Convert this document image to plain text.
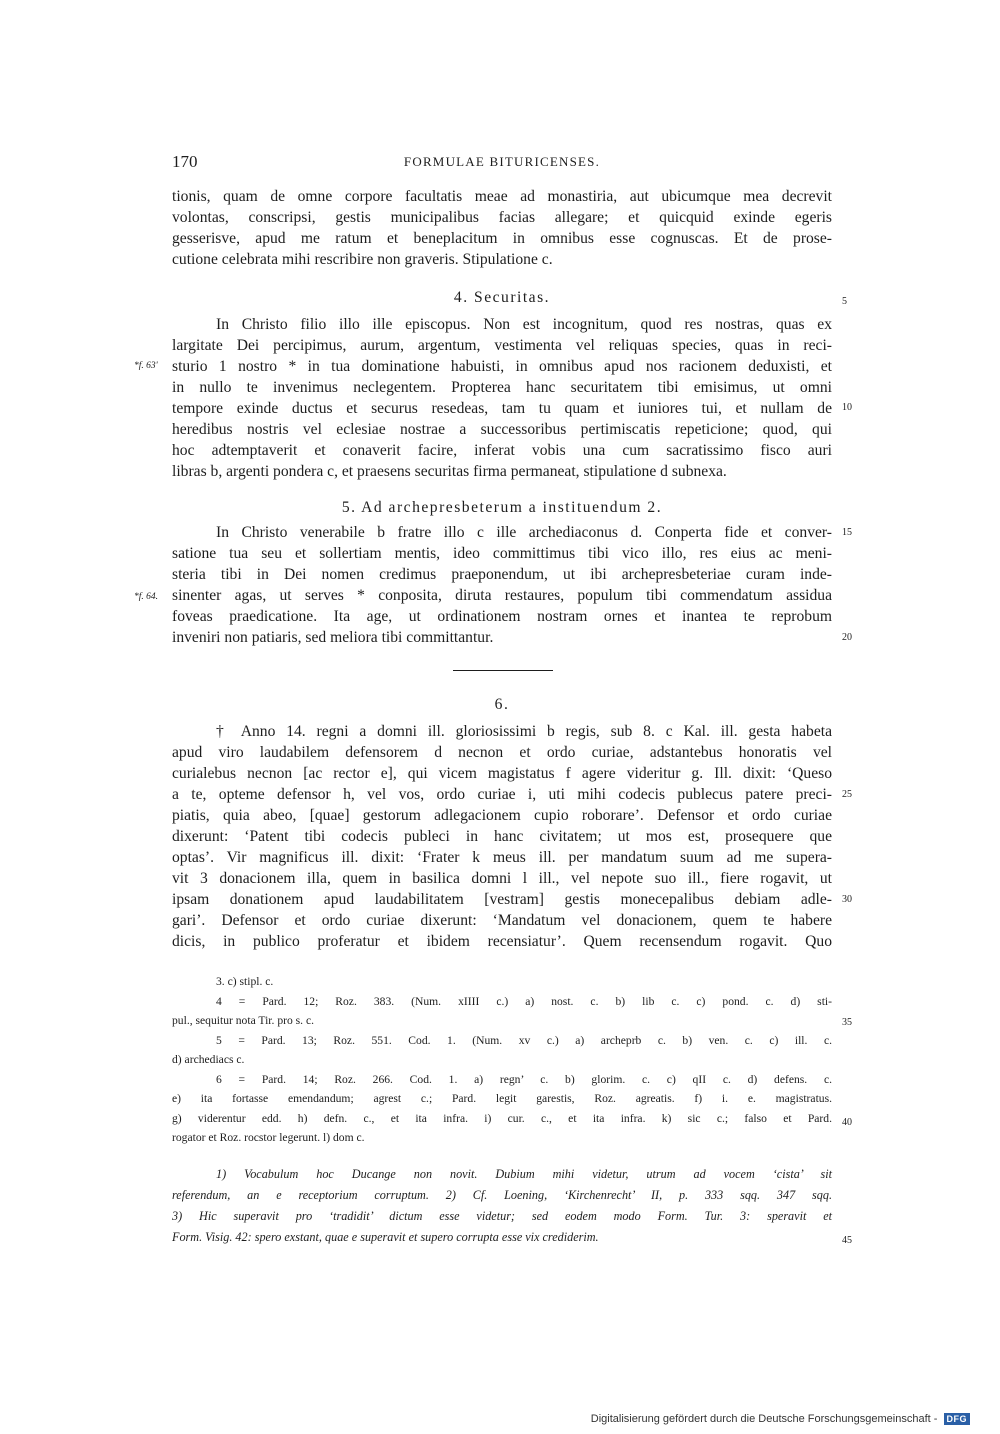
170	FORMULAE BITURICENSES.
tionis, quam de omne corpore facultatis meae ad monastiria, aut ubicumque mea decrevit
volontas, conscripsi, gestis municipalibus facias allegare; et quicquid exinde egeris
gesserisve, apud me ratum et beneplacitum in omnibus esse cognuscas. Et de prose-
cutione celebrata mihi rescribire non graveris. Stipulatione c.
4. Securitas.
In Christo filio illo ille episcopus. Non est incognitum, quod res nostras, quas ex
largitate Dei percipimus, aurum, argentum, vestimenta vel reliquas species, quas in reci-
sturio 1 nostro * in tua dominatione habuisti, in omnibus apud nos racionem deduxisti, et
in nullo te invenimus neclegentem. Propterea hanc securitatem tibi emisimus, ut omni
tempore exinde ductus et securus resedeas, tam tu quam et iuniores tui, et nullam de
heredibus nostris vel eclesiae nostrae a successoribus pertimiscatis repeticione; quod, qui
hoc adtemptaverit et conaverit facire, inferat vobis una cum sacratissimo fisco auri
libras b, argenti pondera c, et praesens securitas firma permaneat, stipulatione d subnexa.
5. Ad archepresbeterum a instituendum 2.
In Christo venerabile b fratre illo c ille archediaconus d. Conperta fide et conver-
satione tua seu et sollertiam mentis, ideo committimus tibi vico illo, res eius ac meni-
steria tibi in Dei nomen credimus praeponendum, ut ibi archepresbeteriae curam inde-
sinenter agas, ut serves * conposita, diruta restaures, populum tibi commendatum assidua
foveas praedicatione. Ita age, ut ordinationem nostram ornes et inantea te reprobum
inveniri non patiaris, sed meliora tibi committantur.
6.
† Anno 14. regni a domni ill. gloriosissimi b regis, sub 8. c Kal. ill. gesta habeta
apud viro laudabilem defensorem d necnon et ordo curiae, adstantebus honoratis vel
curialebus necnon [ac rector e], qui vicem magistatus f agere videritur g. Ill. dixit: ‘Queso
a te, opteme defensor h, vel vos, ordo curiae i, uti mihi codecis publecus patere preci-
piatis, quia abeo, [quae] gestorum adlegacionem cupio roborare’. Defensor et ordo curiae
dixerunt: ‘Patent tibi codecis publeci in hanc civitatem; ut mos est, prosequere que
optas’. Vir magnificus ill. dixit: ‘Frater k meus ill. per mandatum suum ad me supera-
vit 3 donacionem illa, quem in basilica domni l ill., vel nepote suo ill., fiere rogavit, ut
ipsam donationem apud laudabilitatem [vestram] gestis monecepalibus debiam adle-
gari’. Defensor et ordo curiae dixerunt: ‘Mandatum vel donacionem, quem te habere
dicis, in publico proferatur et ibidem recensiatur’. Quem recensendum rogavit. Quo
5
10
15
20
25
30
35
40
45
*f. 63'
*f. 64.
3. c) stipl. c.
4 = Pard. 12; Roz. 383. (Num. xIIII c.) a) nost. c. b) lib c. c) pond. c. d) sti-
pul., sequitur nota Tir. pro s. c.
5 = Pard. 13; Roz. 551. Cod. 1. (Num. xv c.) a) archeprb c. b) ven. c. c) ill. c.
d) archediacs c.
6 = Pard. 14; Roz. 266. Cod. 1. a) regn’ c. b) glorim. c. c) qII c. d) defens. c.
e) ita fortasse emendandum; agrest c.; Pard. legit garestis, Roz. agreatis. f) i. e. magistratus.
g) viderentur edd. h) defn. c., et ita infra. i) cur. c., et ita infra. k) sic c.; falso et Pard.
rogator et Roz. rocstor legerunt. l) dom c.
1) Vocabulum hoc Ducange non novit. Dubium mihi videtur, utrum ad vocem ‘cista’ sit
referendum, an e receptorium corruptum. 2) Cf. Loening, ‘Kirchenrecht’ II, p. 333 sqq. 347 sqq.
3) Hic superavit pro ‘tradidit’ dictum esse videtur; sed eodem modo Form. Tur. 3: speravit et
Form. Visig. 42: spero exstant, quae e superavit et supero corrupta esse vix crediderim.
Digitalisierung gefördert durch die Deutsche Forschungsgemeinschaft - DFG
